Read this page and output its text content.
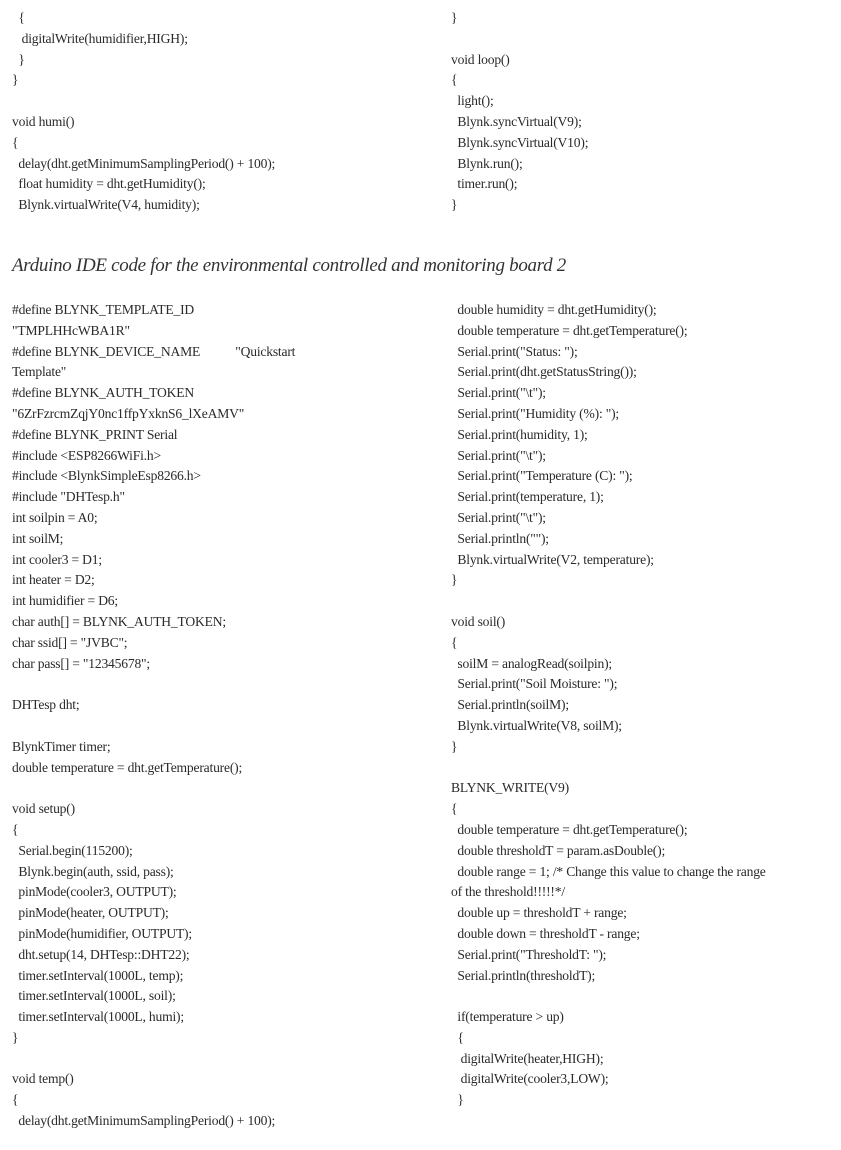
{
digitalWrite(humidifier,HIGH);
}
}
void humi()
{
delay(dht.getMinimumSamplingPeriod() + 100);
float humidity = dht.getHumidity();
Blynk.virtualWrite(V4, humidity);
}
void loop()
{
light();
Blynk.syncVirtual(V9);
Blynk.syncVirtual(V10);
Blynk.run();
timer.run();
}
Arduino IDE code for the environmental controlled and monitoring board 2
#define BLYNK_TEMPLATE_ID
"TMPLHHcWBA1R"
#define BLYNK_DEVICE_NAME           "Quickstart
Template"
#define BLYNK_AUTH_TOKEN
"6ZrFzrcmZqjY0nc1ffpYxknS6_lXeAMV"
#define BLYNK_PRINT Serial
#include <ESP8266WiFi.h>
#include <BlynkSimpleEsp8266.h>
#include "DHTesp.h"
int soilpin = A0;
int soilM;
int cooler3 = D1;
int heater = D2;
int humidifier = D6;
char auth[] = BLYNK_AUTH_TOKEN;
char ssid[] = "JVBC";
char pass[] = "12345678";
DHTesp dht;
BlynkTimer timer;
double temperature = dht.getTemperature();
void setup()
{
Serial.begin(115200);
Blynk.begin(auth, ssid, pass);
pinMode(cooler3, OUTPUT);
pinMode(heater, OUTPUT);
pinMode(humidifier, OUTPUT);
dht.setup(14, DHTesp::DHT22);
timer.setInterval(1000L, temp);
timer.setInterval(1000L, soil);
timer.setInterval(1000L, humi);
}
void temp()
{
delay(dht.getMinimumSamplingPeriod() + 100);
double humidity = dht.getHumidity();
double temperature = dht.getTemperature();
Serial.print("Status: ");
Serial.print(dht.getStatusString());
Serial.print("\t");
Serial.print("Humidity (%): ");
Serial.print(humidity, 1);
Serial.print("\t");
Serial.print("Temperature (C): ");
Serial.print(temperature, 1);
Serial.print("\t");
Serial.println("");
Blynk.virtualWrite(V2, temperature);
}
void soil()
{
soilM = analogRead(soilpin);
Serial.print("Soil Moisture: ");
Serial.println(soilM);
Blynk.virtualWrite(V8, soilM);
}
BLYNK_WRITE(V9)
{
double temperature = dht.getTemperature();
double thresholdT = param.asDouble();
double range = 1; /* Change this value to change the range
of the threshold!!!!!*/
double up = thresholdT + range;
double down = thresholdT - range;
Serial.print("ThresholdT: ");
Serial.println(thresholdT);
if(temperature > up)
{
digitalWrite(heater,HIGH);
digitalWrite(cooler3,LOW);
}
